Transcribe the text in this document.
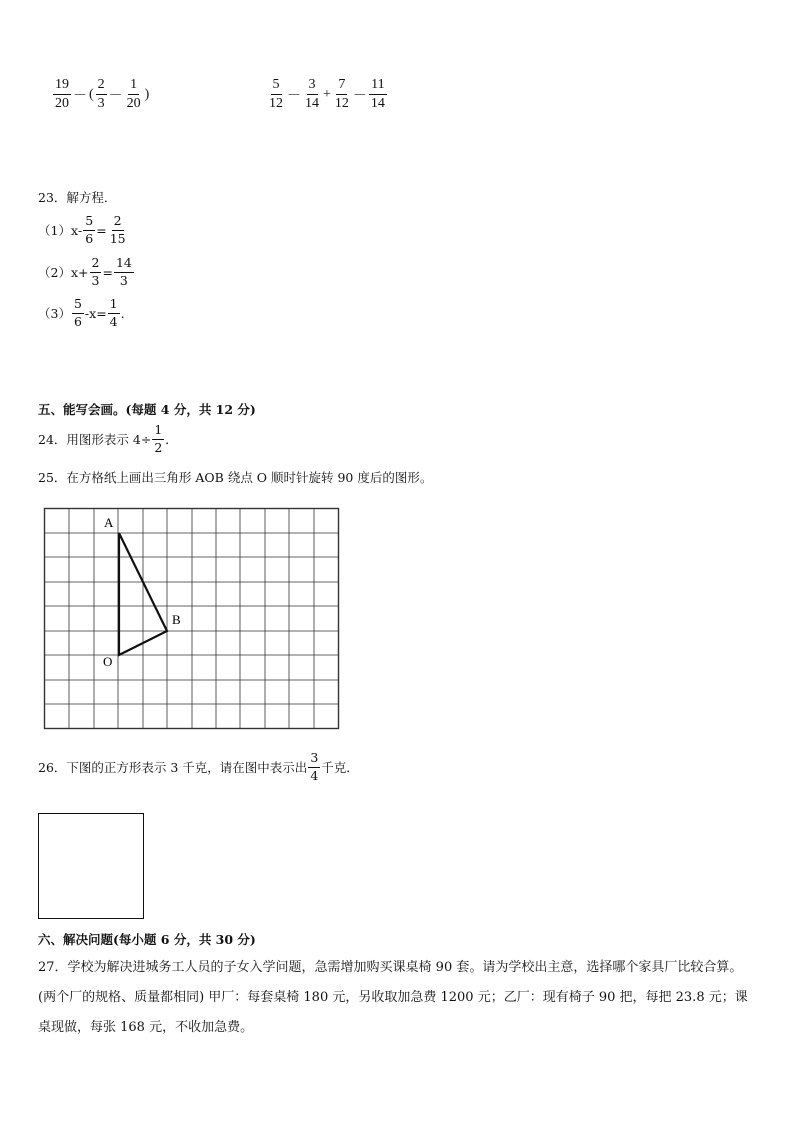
$\frac{19}{20}$ － ( $\frac{2}{3} - \frac{1}{20}$ )	$\frac{5}{12} - \frac{3}{14} + \frac{7}{12} - \frac{11}{14}$
23．解方程．
（1） $x - \frac{5}{6} = \frac{2}{15}$
（2） $x + \frac{2}{3} = \frac{14}{3}$
$(3) \frac{5}{6} -x = \frac{1}{4}$ .
五、能写会画。(每题 4 分，共 12 分)
24．用图形表示 $4\div \frac{1}{2}$ ．
25．在方格纸上画出三角形 AOB 绕点 O 顺时针旋转 90 度后的图形。
A
B
O
26．下图的正方形表示 3 千克，请在图中表示出 $\frac{3}{4}$ 千克．
六、解决问题(每小题 6 分，共 30 分)
27．学校为解决进城务工人员的子女入学问题，急需增加购买课桌椅 90 套。请为学校出主意，选择哪个家具厂比较合算。(两个厂的规格、质量都相同) 甲厂：每套桌椅 180 元，另收取加急费 1200 元；乙厂：现有椅子 90 把，每把 23.8 元；课桌现做，每张 168 元，不收加急费。
